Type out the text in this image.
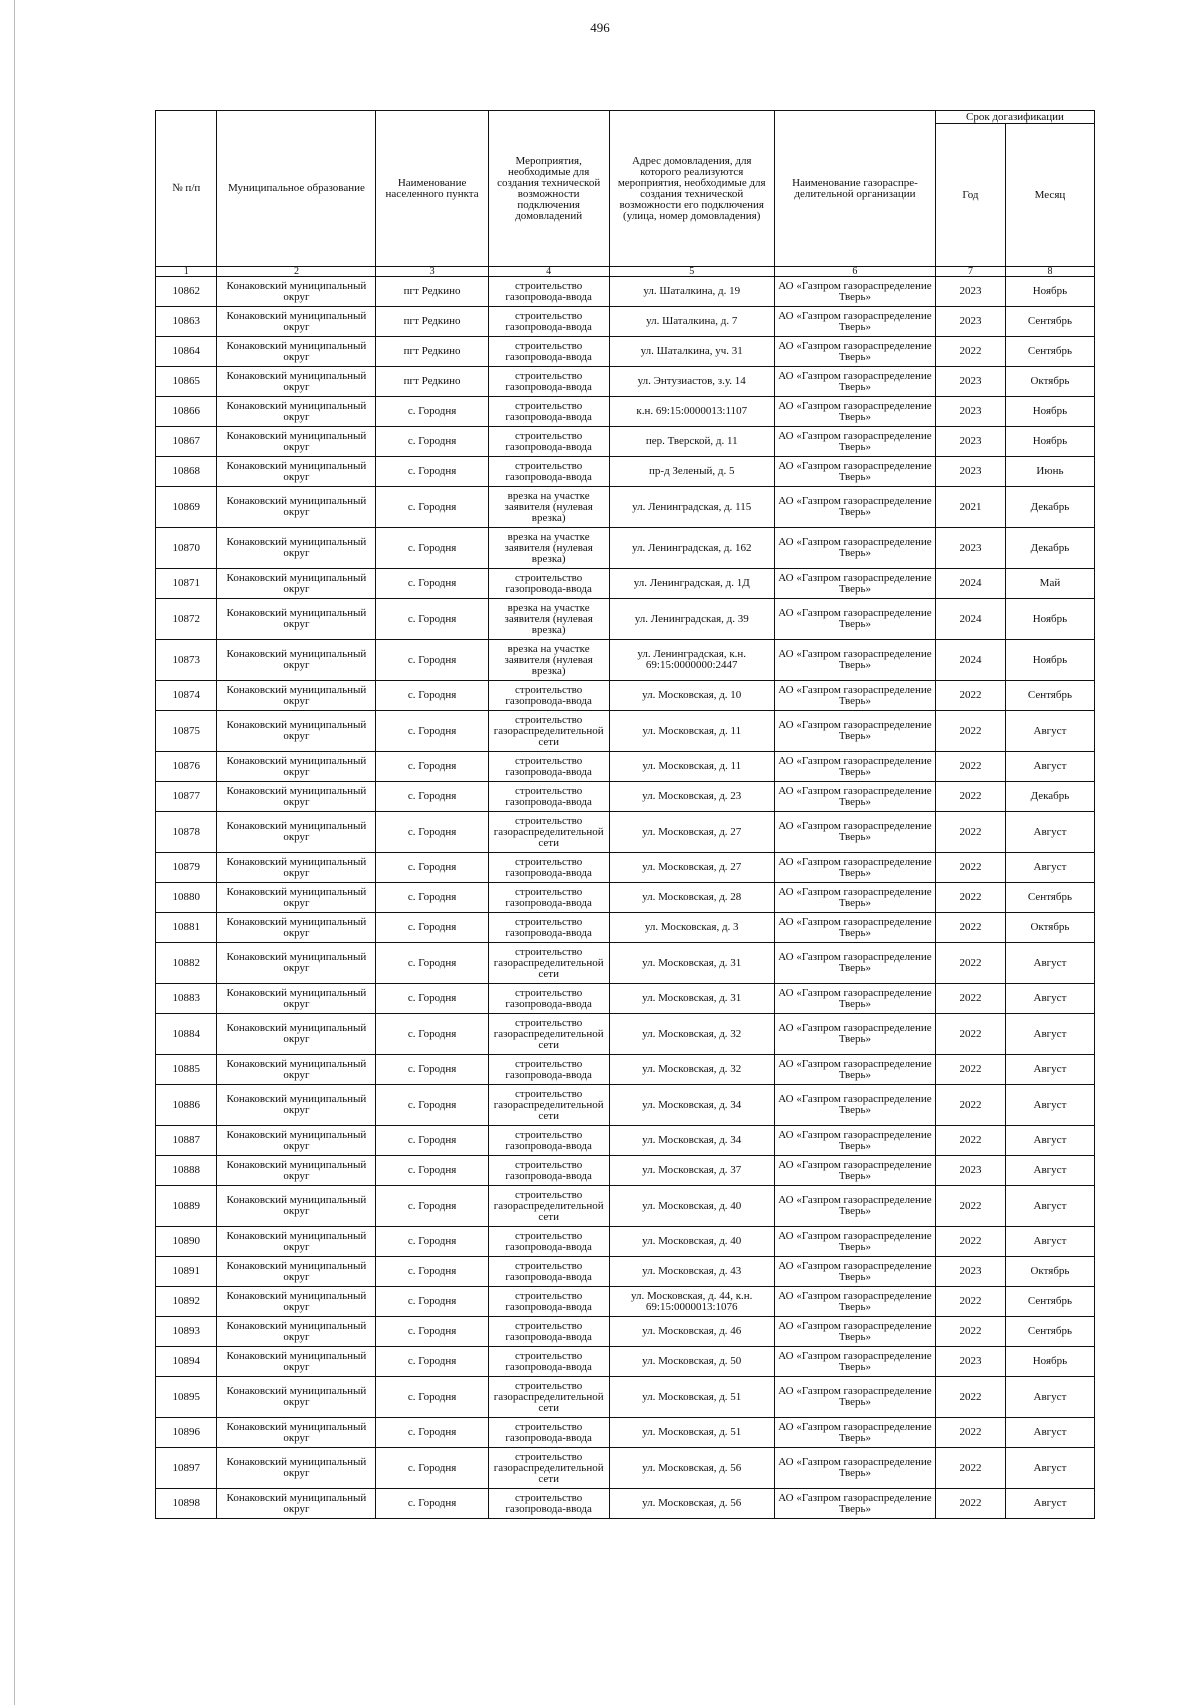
496
№ п/п	Муниципальное образование	Наименование населенного пункта	Мероприятия, необходимые для создания технической возможности подключения домовладений	Адрес домовладения, для которого реализуются мероприятия, необходимые для создания технической возможности его подключения (улица, номер домовладения)	Наименование газораспре-делительной организации	Срок догазификации	
						Год	Месяц
1	2	3	4	5	6	7	8
10862	Конаковский муниципальный округ	пгт Редкино	строительство газопровода-ввода	ул. Шаталкина, д. 19	АО «Газпром газораспределение Тверь»	2023	Ноябрь
10863	Конаковский муниципальный округ	пгт Редкино	строительство газопровода-ввода	ул. Шаталкина, д. 7	АО «Газпром газораспределение Тверь»	2023	Сентябрь
10864	Конаковский муниципальный округ	пгт Редкино	строительство газопровода-ввода	ул. Шаталкина, уч. 31	АО «Газпром газораспределение Тверь»	2022	Сентябрь
10865	Конаковский муниципальный округ	пгт Редкино	строительство газопровода-ввода	ул. Энтузиастов, з.у. 14	АО «Газпром газораспределение Тверь»	2023	Октябрь
10866	Конаковский муниципальный округ	с. Городня	строительство газопровода-ввода	к.н. 69:15:0000013:1107	АО «Газпром газораспределение Тверь»	2023	Ноябрь
10867	Конаковский муниципальный округ	с. Городня	строительство газопровода-ввода	пер. Тверской, д. 11	АО «Газпром газораспределение Тверь»	2023	Ноябрь
10868	Конаковский муниципальный округ	с. Городня	строительство газопровода-ввода	пр-д Зеленый, д. 5	АО «Газпром газораспределение Тверь»	2023	Июнь
10869	Конаковский муниципальный округ	с. Городня	врезка на участке заявителя (нулевая врезка)	ул. Ленинградская, д. 115	АО «Газпром газораспределение Тверь»	2021	Декабрь
10870	Конаковский муниципальный округ	с. Городня	врезка на участке заявителя (нулевая врезка)	ул. Ленинградская, д. 162	АО «Газпром газораспределение Тверь»	2023	Декабрь
10871	Конаковский муниципальный округ	с. Городня	строительство газопровода-ввода	ул. Ленинградская, д. 1Д	АО «Газпром газораспределение Тверь»	2024	Май
10872	Конаковский муниципальный округ	с. Городня	врезка на участке заявителя (нулевая врезка)	ул. Ленинградская, д. 39	АО «Газпром газораспределение Тверь»	2024	Ноябрь
10873	Конаковский муниципальный округ	с. Городня	врезка на участке заявителя (нулевая врезка)	ул. Ленинградская, к.н. 69:15:0000000:2447	АО «Газпром газораспределение Тверь»	2024	Ноябрь
10874	Конаковский муниципальный округ	с. Городня	строительство газопровода-ввода	ул. Московская, д. 10	АО «Газпром газораспределение Тверь»	2022	Сентябрь
10875	Конаковский муниципальный округ	с. Городня	строительство газораспределительной сети	ул. Московская, д. 11	АО «Газпром газораспределение Тверь»	2022	Август
10876	Конаковский муниципальный округ	с. Городня	строительство газопровода-ввода	ул. Московская, д. 11	АО «Газпром газораспределение Тверь»	2022	Август
10877	Конаковский муниципальный округ	с. Городня	строительство газопровода-ввода	ул. Московская, д. 23	АО «Газпром газораспределение Тверь»	2022	Декабрь
10878	Конаковский муниципальный округ	с. Городня	строительство газораспределительной сети	ул. Московская, д. 27	АО «Газпром газораспределение Тверь»	2022	Август
10879	Конаковский муниципальный округ	с. Городня	строительство газопровода-ввода	ул. Московская, д. 27	АО «Газпром газораспределение Тверь»	2022	Август
10880	Конаковский муниципальный округ	с. Городня	строительство газопровода-ввода	ул. Московская, д. 28	АО «Газпром газораспределение Тверь»	2022	Сентябрь
10881	Конаковский муниципальный округ	с. Городня	строительство газопровода-ввода	ул. Московская, д. 3	АО «Газпром газораспределение Тверь»	2022	Октябрь
10882	Конаковский муниципальный округ	с. Городня	строительство газораспределительной сети	ул. Московская, д. 31	АО «Газпром газораспределение Тверь»	2022	Август
10883	Конаковский муниципальный округ	с. Городня	строительство газопровода-ввода	ул. Московская, д. 31	АО «Газпром газораспределение Тверь»	2022	Август
10884	Конаковский муниципальный округ	с. Городня	строительство газораспределительной сети	ул. Московская, д. 32	АО «Газпром газораспределение Тверь»	2022	Август
10885	Конаковский муниципальный округ	с. Городня	строительство газопровода-ввода	ул. Московская, д. 32	АО «Газпром газораспределение Тверь»	2022	Август
10886	Конаковский муниципальный округ	с. Городня	строительство газораспределительной сети	ул. Московская, д. 34	АО «Газпром газораспределение Тверь»	2022	Август
10887	Конаковский муниципальный округ	с. Городня	строительство газопровода-ввода	ул. Московская, д. 34	АО «Газпром газораспределение Тверь»	2022	Август
10888	Конаковский муниципальный округ	с. Городня	строительство газопровода-ввода	ул. Московская, д. 37	АО «Газпром газораспределение Тверь»	2023	Август
10889	Конаковский муниципальный округ	с. Городня	строительство газораспределительной сети	ул. Московская, д. 40	АО «Газпром газораспределение Тверь»	2022	Август
10890	Конаковский муниципальный округ	с. Городня	строительство газопровода-ввода	ул. Московская, д. 40	АО «Газпром газораспределение Тверь»	2022	Август
10891	Конаковский муниципальный округ	с. Городня	строительство газопровода-ввода	ул. Московская, д. 43	АО «Газпром газораспределение Тверь»	2023	Октябрь
10892	Конаковский муниципальный округ	с. Городня	строительство газопровода-ввода	ул. Московская, д. 44, к.н. 69:15:0000013:1076	АО «Газпром газораспределение Тверь»	2022	Сентябрь
10893	Конаковский муниципальный округ	с. Городня	строительство газопровода-ввода	ул. Московская, д. 46	АО «Газпром газораспределение Тверь»	2022	Сентябрь
10894	Конаковский муниципальный округ	с. Городня	строительство газопровода-ввода	ул. Московская, д. 50	АО «Газпром газораспределение Тверь»	2023	Ноябрь
10895	Конаковский муниципальный округ	с. Городня	строительство газораспределительной сети	ул. Московская, д. 51	АО «Газпром газораспределение Тверь»	2022	Август
10896	Конаковский муниципальный округ	с. Городня	строительство газопровода-ввода	ул. Московская, д. 51	АО «Газпром газораспределение Тверь»	2022	Август
10897	Конаковский муниципальный округ	с. Городня	строительство газораспределительной сети	ул. Московская, д. 56	АО «Газпром газораспределение Тверь»	2022	Август
10898	Конаковский муниципальный округ	с. Городня	строительство газопровода-ввода	ул. Московская, д. 56	АО «Газпром газораспределение Тверь»	2022	Август
